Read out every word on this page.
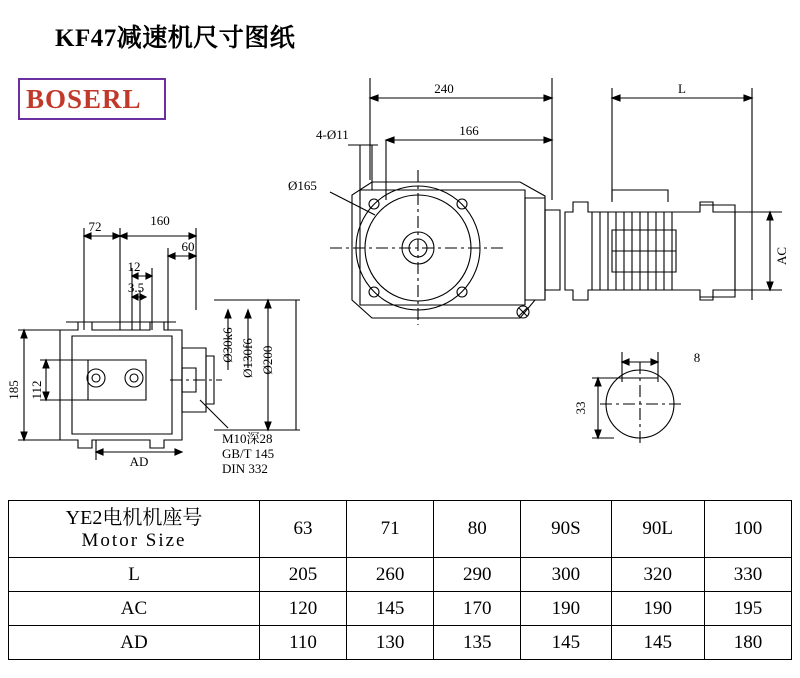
KF47减速机尺寸图纸
BOSERL	240	L
4-Ø11	166
Ø165
AC
72	160
60
12
3.5
Ø30k6 Ø130f6 Ø200
185 112
AD
M10深28
GB/T 145
DIN 332
8
33
YE2电机机座号
Motor Size	63	71	80	90S	90L	100
L	205	260	290	300	320	330
AC	120	145	170	190	190	195
AD	110	130	135	145	145	180
